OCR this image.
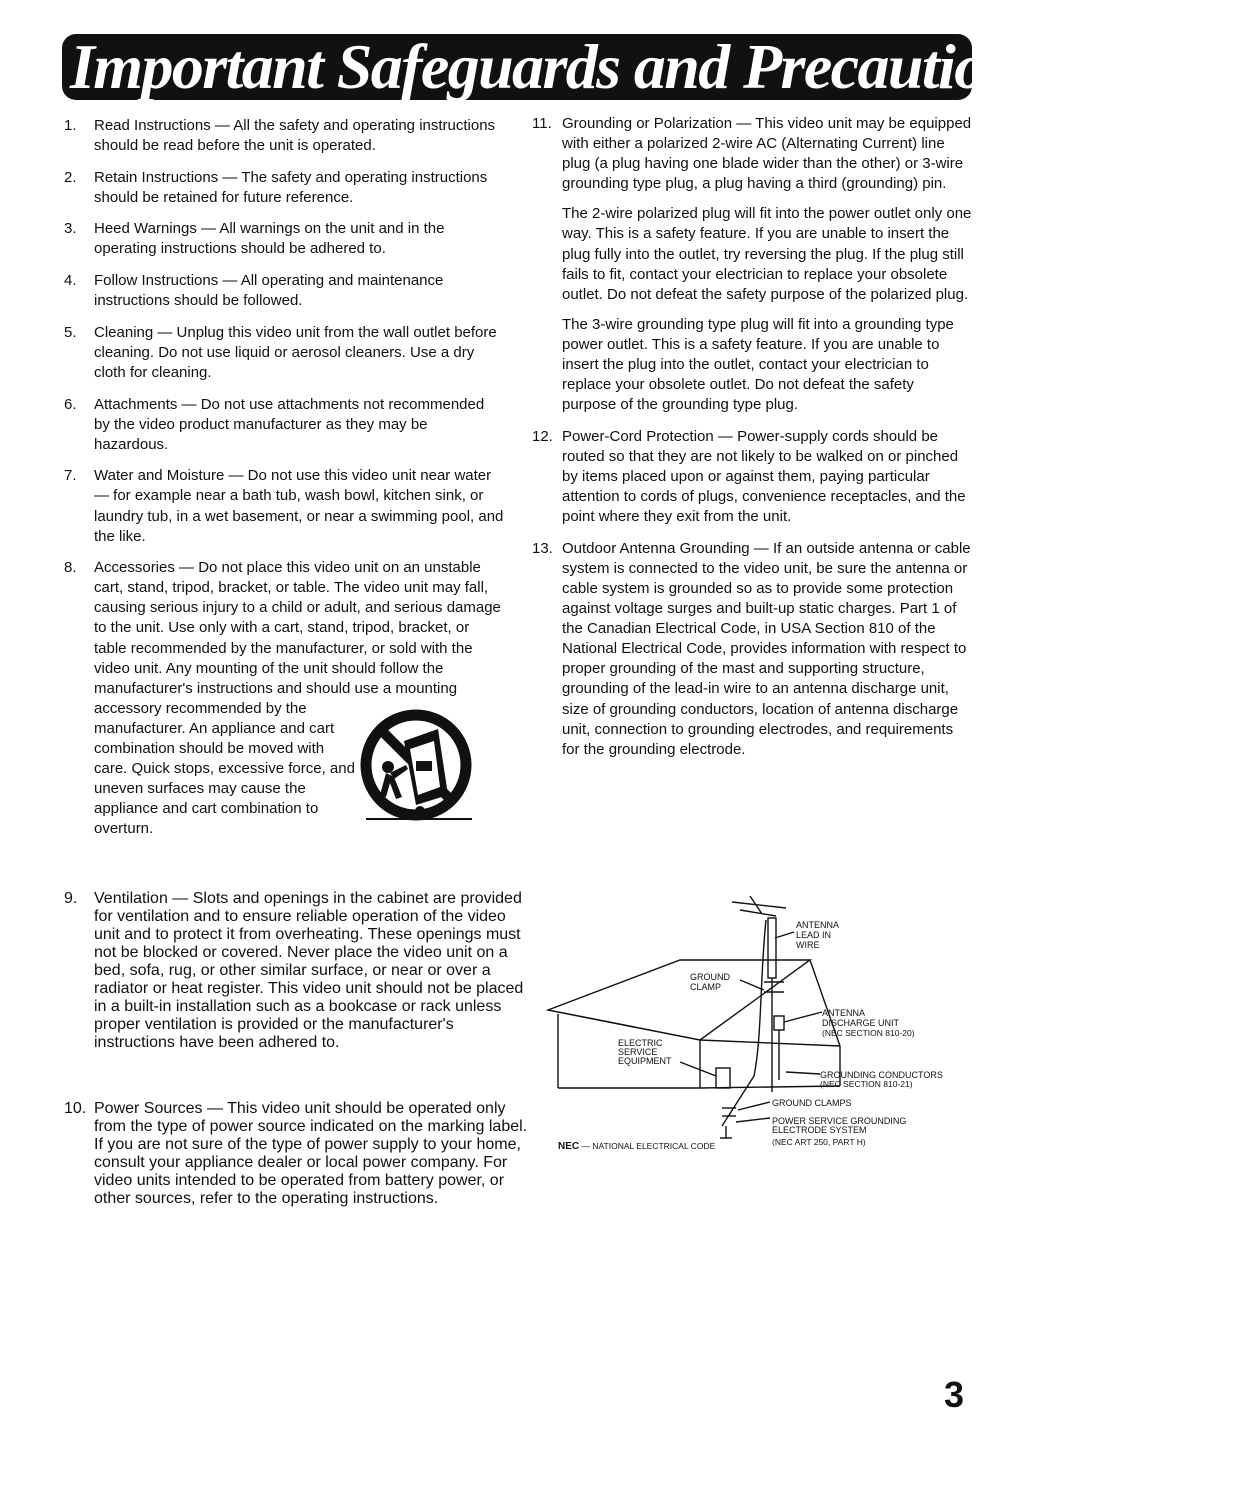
Important Safeguards and Precautions
1.	Read Instructions — All the safety and operating instructions should be read before the unit is operated.
2.	Retain Instructions — The safety and operating instructions should be retained for future reference.
3.	Heed Warnings — All warnings on the unit and in the operating instructions should be adhered to.
4.	Follow Instructions — All operating and maintenance instructions should be followed.
5.	Cleaning — Unplug this video unit from the wall outlet before cleaning. Do not use liquid or aerosol cleaners. Use a dry cloth for cleaning.
6.	Attachments — Do not use attachments not recommended by the video product manufacturer as they may be hazardous.
7.	Water and Moisture — Do not use this video unit near water — for example near a bath tub, wash bowl, kitchen sink, or laundry tub, in a wet basement, or near a swimming pool, and the like.
8.	Accessories — Do not place this video unit on an unstable cart, stand, tripod, bracket, or table. The video unit may fall, causing serious injury to a child or adult, and serious damage to the unit. Use only with a cart, stand, tripod, bracket, or table recommended by the manufacturer, or sold with the video unit. Any mounting of the unit should follow the manufacturer's instructions and should use a mounting
accessory recommended by the manufacturer. An appliance and cart combination should be moved with care. Quick stops, excessive force, and uneven surfaces may cause the appliance and cart combination to overturn.
9.	Ventilation — Slots and openings in the cabinet are provided for ventilation and to ensure reliable operation of the video unit and to protect it from overheating. These openings must not be blocked or covered. Never place the video unit on a bed, sofa, rug, or other similar surface, or near or over a radiator or heat register. This video unit should not be placed in a built-in installation such as a bookcase or rack unless proper ventilation is provided or the manufacturer's instructions have been adhered to.
10. Power Sources — This video unit should be operated only from the type of power source indicated on the marking label. If you are not sure of the type of power supply to your home, consult your appliance dealer or local power company. For video units intended to be operated from battery power, or other sources, refer to the operating instructions.
11. Grounding or Polarization — This video unit may be equipped with either a polarized 2-wire AC (Alternating Current) line plug (a plug having one blade wider than the other) or 3-wire grounding type plug, a plug having a third (grounding) pin.

The 2-wire polarized plug will fit into the power outlet only one way. This is a safety feature. If you are unable to insert the plug fully into the outlet, try reversing the plug. If the plug still fails to fit, contact your electrician to replace your obsolete outlet. Do not defeat the safety purpose of the polarized plug.

The 3-wire grounding type plug will fit into a grounding type power outlet. This is a safety feature. If you are unable to insert the plug into the outlet, contact your electrician to replace your obsolete outlet. Do not defeat the safety purpose of the grounding type plug.

12. Power-Cord Protection — Power-supply cords should be routed so that they are not likely to be walked on or pinched by items placed upon or against them, paying particular attention to cords of plugs, convenience receptacles, and the point where they exit from the unit.
13. Outdoor Antenna Grounding — If an outside antenna or cable system is connected to the video unit, be sure the antenna or cable system is grounded so as to provide some protection against voltage surges and built-up static charges. Part 1 of the Canadian Electrical Code, in USA Section 810 of the National Electrical Code, provides information with respect to proper grounding of the mast and supporting structure, grounding of the lead-in wire to an antenna discharge unit, size of grounding conductors, location of antenna discharge unit, connection to grounding electrodes, and requirements for the grounding electrode.
ANTENNA
LEAD IN
WIRE
GROUND
CLAMP
ANTENNA
DISCHARGE UNIT
(NEC SECTION 810-20)
ELECTRIC
SERVICE
EQUIPMENT
GROUNDING CONDUCTORS
(NEC SECTION 810-21)
GROUND CLAMPS
POWER SERVICE GROUNDING
ELECTRODE SYSTEM
(NEC ART 250, PART H)
NEC — NATIONAL ELECTRICAL CODE
3
